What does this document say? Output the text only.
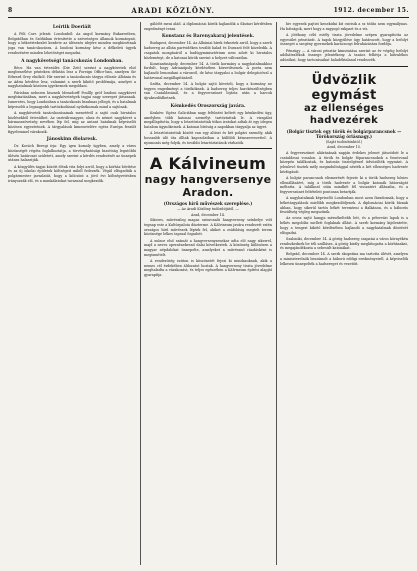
8	ARADI KÖZLÖNY.	1912. december 15.
Leírtik Doeriáit

A Pöli Corr. jelenti: Londonból: Az angol kormány Bukarestben, Belgrádban és Szófiában értesítette a szövetséges államok kormányait, hogy a békeértekezlet kezdete az ülésezés idejére minden megbízottnak joga van tanácskozásra. A londoni kormány kész a délkeleti ügyek rendezésére minden lehetőséget megadni.

A nagykövetségi tanácskozás Londonban.

Bécs: Ha van értesülés (Die Zeit) szerint a nagykövetek első megbeszélése pénteken délután lesz a Foreign Office-ban, amelyen Sir Edward Grey elnököl. Hír szerint a tanácskozás tárgya először Albánia és az Adria kérdése lesz, valamint a szerb kikötő problémája, amelyet a nagyhatalmak közösen igyekeznek megoldani.

Párisban nehezen hisznek Mensdorff Poullly gróf londoni nagykövet megbízatásában, mert a nagykövetségek tagjai nagy szerepet játszanak. Ismeretes, hogy Londonban a tanácskozás bizalmas jellegű, és a hatalmak képviselői a legnagyobb tartózkodással nyilatkoznak mind a sajtónak.

A nagykövetek tanácskozásainak menetéről a sajtó csak hivatalos közlésekből értesülhet. Az osztrák-magyar, olasz és német nagykövet a hármasszövetség nevében lép fel, míg az antant hatalmak képviselői közösen egyeztetnek. A tárgyalások kimenetelére egész Európa feszült figyelemmel várakozik.

Jánoskinn diolaresk.

Dr. Kovách Beregi írja: Egy igen komoly ügyben, amely a város közönségét régóta foglalkoztatja, a törvényhatósági bizottság legutóbbi ülésén határozat született, amely szerint a kérdés rendezését az ünnepek utánra halasztják.

A közgyűlés tagjai között élénk vita folyt arról, hogy a kórház bővítése és az új iskolai épületek költségeit miből fedezzék. Végül elfogadták a polgármester javaslatát, hogy a kölcsönt a jövő évi költségvetésben irányozzák elő, és a munkálatokat tavasszal megkezdik.

gálódtt meni alád. A diplomáciai körök hajlandók a Skutari kérdésben engedményt tenni.

Konstanz és Barenyakaraj jelentések.

Budapest, december 14. Az Albániai hírek érkeztek arról, hogy a szerb hadsereg az albán partvidéken tovább halad és Durazzó felé közeledik. A csapatok mozgásáról a hadügyminisztérium nem adott ki hivatalos közleményt, de a katonai körök szerint a helyzet változatlan.

Konstantinápoly, december 14. A török kormány a nagyhatalmakhoz fordult, hogy Adrianápoly kérdésében közvetítsenek. A porta nem hajlandó lemondani a városról, de kész tárgyalni a bolgár delegációval a határvonal megállapításáról.

Szófia, december 14. A bolgár sajtó követeli, hogy a kormány ne tegyen engedményt a törököknek. A hadsereg teljes harckészültségben van Csataldzsánál, és a fegyverszünet lejárta után a harcok újrakezdődhetnek.

Kémkedés Oroszország javára.

Kraków: Egész Galiciában nagy feltűnést keltett egy kémkedési ügy, amelyben több katonai személyt tartóztattak le. A vizsgálat megállapította, hogy a letartóztatottak titkos iratokat adtak át egy idegen hatalom ügynökeinek. A katonai bíróság a napokban tárgyalja az ügyet.

A letartóztatottak között van egy altiszt és két polgári személy, akik hosszabb idő óta álltak kapcsolatban a külföldi kémszervezettel. A nyomozás még folyik, és további letartóztatások várhatók.

A Kálvineum
nagy hangversenye Aradon.
(Országos hírű művészek szereplése.)
— Az Aradi Közlöny tudósítójától. —
Arad, december 14.

Sikeres, művészileg magas színvonalú hangverseny színhelye volt tegnap este a Kultúrpalota díszterme. A Kálvineum javára rendezett estén országos hírű művészek léptek fel, akiket a zsúfolásig megtelt terem közönsége lelkes tapssal fogadott.

A műsor első számát a hangversenyzenekar adta elő nagy sikerrel, majd a neves operaénekesnő dalai következtek. A közönség különösen a magyar népdalokat ünnepelte, amelyeket a művésznő ráadásként is megismételt.

A rendezőség ezúton is köszönetét fejezi ki mindazoknak, akik a nemes cél érdekében áldozatot hoztak. A hangverseny tiszta jövedelme meghaladta a várakozást, és teljes egészében a Kálvineum építési alapját gyarapítja.

hiv egyesek pajtist kenekidni kit csirisik a sz tódás nem egymálynas. Ha bátságok, mert hogy a ragyogó rakpart és a víz.

A jótékony célú estély tiszta jövedelme szépen gyarapította az egyesület pénztárát. A tagok közgyűlése úgy határozott, hogy a befolyt összeget a szegény gyermekek karácsonyi felruházására fordítja.

Pénzügy — A városi pénztár kimutatása szerint az év végéig befolyt adóhátralékok összege jelentékeny. A tanács felhívja a hátralékos adózókat, hogy tartozásaikat haladéktalanul rendezzék.

Üdvözlik egymást
az ellenséges hadvezérek
(Bolgár tisztek egy török és bolgárparancsnok — Törökország óriásnagy.)
(Saját tudósítónktól.)
Arad, december 15.

A fegyverszünet aláírásának napján érdekes jelenet játszódott le a csataldzsai vonalon. A török és bolgár főparancsnokok a frontvonal közepén találkoztak, és katonás tisztelgéssel üdvözölték egymást. A jelenlevő tisztek mély megindultsággal nézték a két ellenséges hadvezér kézfogását.

A bolgár parancsnok elismerését fejezte ki a török hadsereg hősies ellenállásáért, míg a török hadvezér a bolgár katonák bátorságát méltatta. A találkozó után mindkét fél visszatért állásaiba, és a fegyverszünet feltételeit pontosan betartják.

A nagyhatalmak képviselői Londonban most azon fáradoznak, hogy a béketárgyalások mielőbb megkezdődjenek. A diplomáciai körök bíznak abban, hogy sikerül tartós békét teremteni a Balkánon, és a háborús feszültség végleg megszűnik.

Az orosz sajtó hangja mérsékeltebb lett, és a pétervári lapok is a békés megoldás mellett foglalnak állást. A szerb kormány kijelentette, hogy a tengeri kikötő kérdésében hajlandó a nagyhatalmak döntését elfogadni.

Szaloniki, december 14. A görög hadsereg csapatai a város környékén rendezkednek be téli szállásra. A görög király meglátogatta a kórházakat, és megajándékozta a sebesült katonákat.

Belgrád, december 14. A szerb skupstina ma tartotta ülését, amelyen a miniszterelnök beszámolt a háború eddigi eredményeiről. A képviselők lelkesen ünnepelték a hadsereget és vezetőit.
